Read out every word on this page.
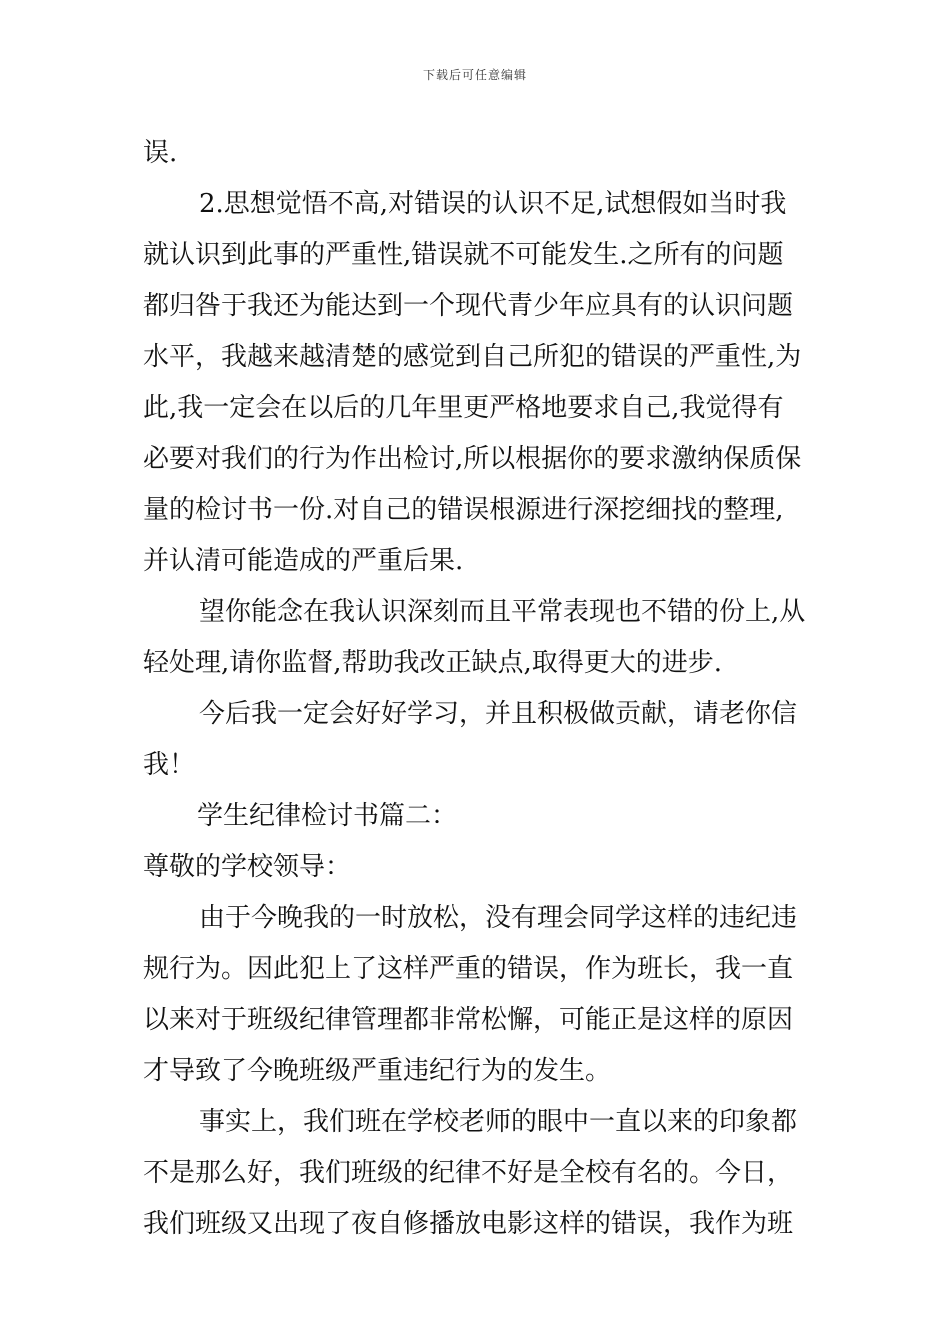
下载后可任意编辑
误.
2.思想觉悟不高,对错误的认识不足,试想假如当时我
就认识到此事的严重性,错误就不可能发生.之所有的问题
都归咎于我还为能达到一个现代青少年应具有的认识问题
水平，我越来越清楚的感觉到自己所犯的错误的严重性,为
此,我一定会在以后的几年里更严格地要求自己,我觉得有
必要对我们的行为作出检讨,所以根据你的要求激纳保质保
量的检讨书一份.对自己的错误根源进行深挖细找的整理,
并认清可能造成的严重后果.
望你能念在我认识深刻而且平常表现也不错的份上,从
轻处理,请你监督,帮助我改正缺点,取得更大的进步.
今后我一定会好好学习，并且积极做贡献，请老你信
我！
学生纪律检讨书篇二：
尊敬的学校领导：
由于今晚我的一时放松，没有理会同学这样的违纪违
规行为。因此犯上了这样严重的错误，作为班长，我一直
以来对于班级纪律管理都非常松懈，可能正是这样的原因
才导致了今晚班级严重违纪行为的发生。
事实上，我们班在学校老师的眼中一直以来的印象都
不是那么好，我们班级的纪律不好是全校有名的。今日，
我们班级又出现了夜自修播放电影这样的错误，我作为班
